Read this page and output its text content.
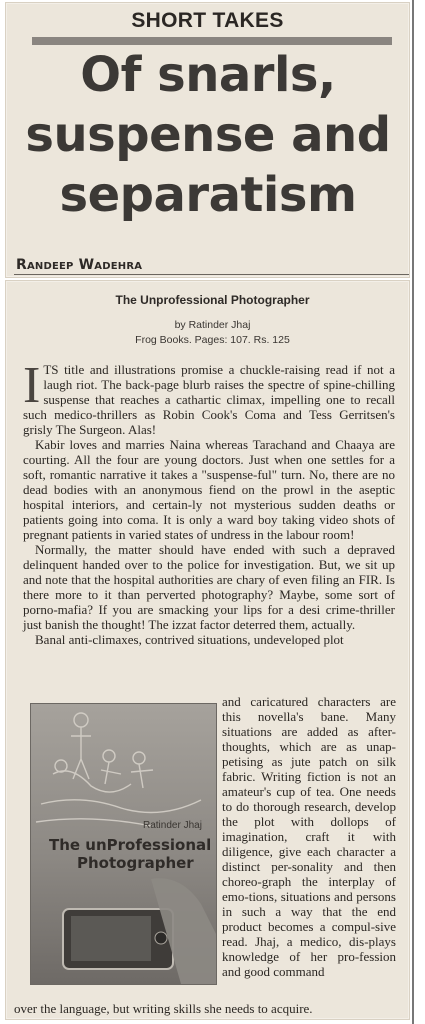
SHORT TAKES
Of snarls,
suspense and
separatism
Randeep Wadehra
The Unprofessional Photographer
by Ratinder Jhaj
Frog Books. Pages: 107. Rs. 125

ITS title and illustrations promise a chuckle-raising read if not a laugh riot. The back-page blurb raises the spectre of spine-chilling suspense that reaches a cathartic climax, impelling one to recall such medico-thrillers as Robin Cook's Coma and Tess Gerritsen's grisly The Surgeon. Alas!

Kabir loves and marries Naina whereas Tarachand and Chaaya are courting. All the four are young doctors. Just when one settles for a soft, romantic narrative it takes a "suspense-ful" turn. No, there are no dead bodies with an anonymous fiend on the prowl in the aseptic hospital interiors, and certain-ly not mysterious sudden deaths or patients going into coma. It is only a ward boy taking video shots of pregnant patients in varied states of undress in the labour room!

Normally, the matter should have ended with such a depraved delinquent handed over to the police for investigation. But, we sit up and note that the hospital authorities are chary of even filing an FIR. Is there more to it than perverted photography? Maybe, some sort of porno-mafia? If you are smacking your lips for a desi crime-thriller just banish the thought! The izzat factor deterred them, actually.

Banal anti-climaxes, contrived situations, undeveloped plot

Ratinder Jhaj
The unProfessional
Photographer

and caricatured characters are this novella's bane. Many situations are added as after-thoughts, which are as unap-petising as jute patch on silk fabric. Writing fiction is not an amateur's cup of tea. One needs to do thorough research, develop the plot with dollops of imagination, craft it with diligence, give each character a distinct per-sonality and then choreo-graph the interplay of emo-tions, situations and persons in such a way that the end product becomes a compul-sive read. Jhaj, a medico, dis-plays knowledge of her pro-fession and good command

over the language, but writing skills she needs to acquire.
